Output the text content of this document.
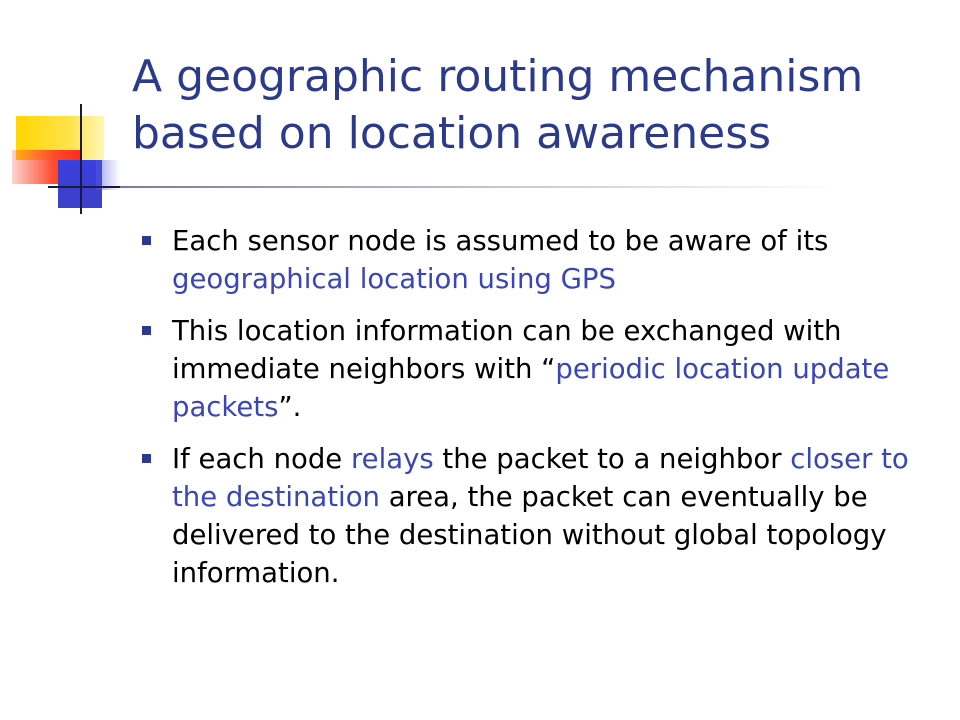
A geographic routing mechanism based on location awareness
Each sensor node is assumed to be aware of its geographical location using GPS
This location information can be exchanged with immediate neighbors with “periodic location update packets”.
If each node relays the packet to a neighbor closer to the destination area, the packet can eventually be delivered to the destination without global topology information.
